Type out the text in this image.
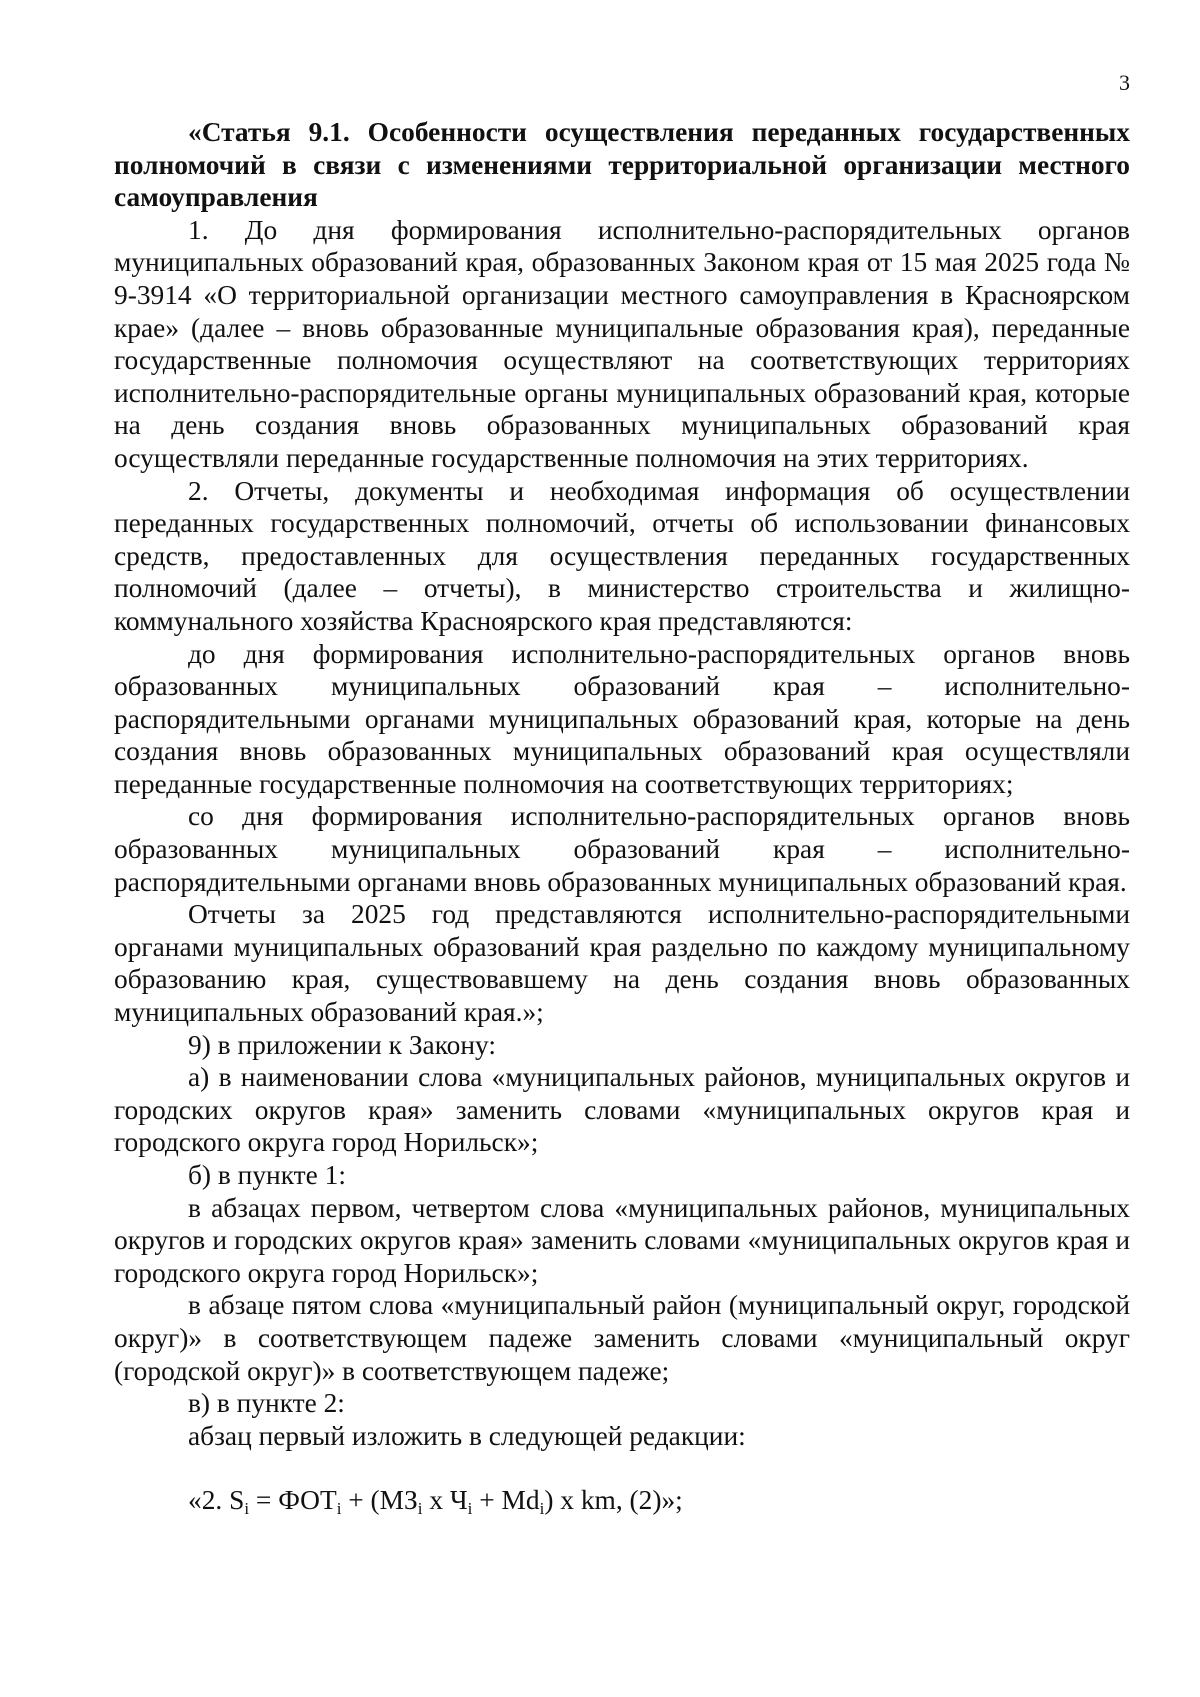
3

«Статья 9.1. Особенности осуществления переданных государственных полномочий в связи с изменениями территориальной организации местного самоуправления

1. До дня формирования исполнительно-распорядительных органов муниципальных образований края, образованных Законом края от 15 мая 2025 года № 9-3914 «О территориальной организации местного самоуправления в Красноярском крае» (далее – вновь образованные муниципальные образования края), переданные государственные полномочия осуществляют на соответствующих территориях исполнительно-распорядительные органы муниципальных образований края, которые на день создания вновь образованных муниципальных образований края осуществляли переданные государственные полномочия на этих территориях.

2. Отчеты, документы и необходимая информация об осуществлении переданных государственных полномочий, отчеты об использовании финансовых средств, предоставленных для осуществления переданных государственных полномочий (далее – отчеты), в министерство строительства и жилищно-коммунального хозяйства Красноярского края представляются:

до дня формирования исполнительно-распорядительных органов вновь образованных муниципальных образований края – исполнительно-распорядительными органами муниципальных образований края, которые на день создания вновь образованных муниципальных образований края осуществляли переданные государственные полномочия на соответствующих территориях;

со дня формирования исполнительно-распорядительных органов вновь образованных муниципальных образований края – исполнительно-распорядительными органами вновь образованных муниципальных образований края.

Отчеты за 2025 год представляются исполнительно-распорядительными органами муниципальных образований края раздельно по каждому муниципальному образованию края, существовавшему на день создания вновь образованных муниципальных образований края.»;

9) в приложении к Закону:

а) в наименовании слова «муниципальных районов, муниципальных округов и городских округов края» заменить словами «муниципальных округов края и городского округа город Норильск»;

б) в пункте 1:

в абзацах первом, четвертом слова «муниципальных районов, муниципальных округов и городских округов края» заменить словами «муниципальных округов края и городского округа город Норильск»;

в абзаце пятом слова «муниципальный район (муниципальный округ, городской округ)» в соответствующем падеже заменить словами «муниципальный округ (городской округ)» в соответствующем падеже;

в) в пункте 2:

абзац первый изложить в следующей редакции:

«2. $S_i = ФОТ_i + (МЗ_i$ х $Ч_i + Md_i$) х km, (2)»;
